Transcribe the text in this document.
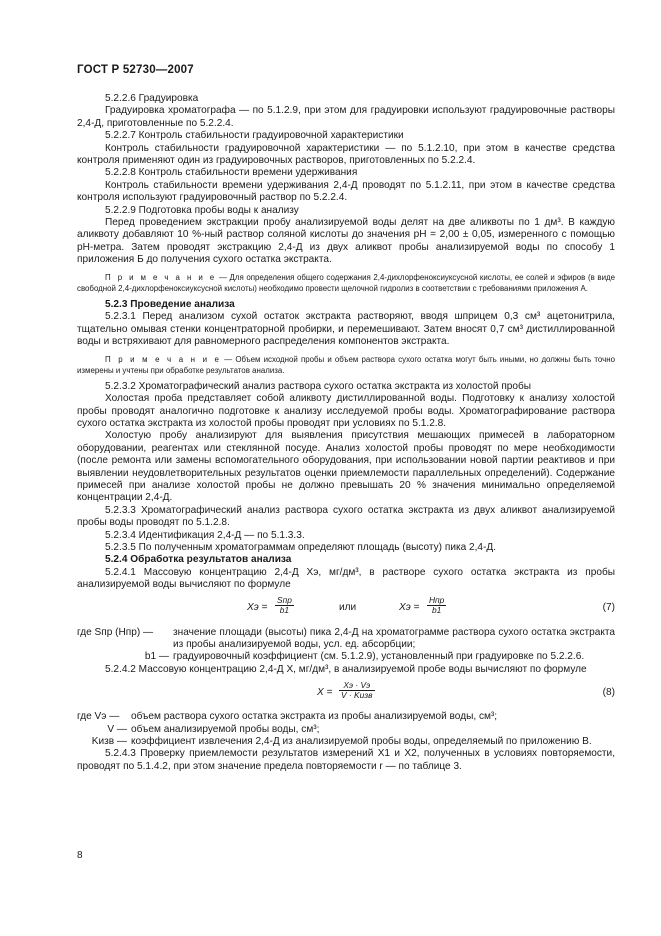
ГОСТ Р 52730—2007

5.2.2.6 Градуировка

Градуировка хроматографа — по 5.1.2.9, при этом для градуировки используют градуировочные растворы 2,4-Д, приготовленные по 5.2.2.4.

5.2.2.7 Контроль стабильности градуировочной характеристики

Контроль стабильности градуировочной характеристики — по 5.1.2.10, при этом в качестве средства контроля применяют один из градуировочных растворов, приготовленных по 5.2.2.4.

5.2.2.8 Контроль стабильности времени удерживания

Контроль стабильности времени удерживания 2,4-Д проводят по 5.1.2.11, при этом в качестве средства контроля используют градуировочный раствор по 5.2.2.4.

5.2.2.9 Подготовка пробы воды к анализу

Перед проведением экстракции пробу анализируемой воды делят на две аликвоты по 1 дм³. В каждую аликвоту добавляют 10 %-ный раствор соляной кислоты до значения рН = 2,00 ± 0,05, измеренного с помощью рН-метра. Затем проводят экстракцию 2,4-Д из двух аликвот пробы анализируемой воды по способу 1 приложения Б до получения сухого остатка экстракта.

П р и м е ч а н и е — Для определения общего содержания 2,4-дихлорфеноксиуксусной кислоты, ее солей и эфиров (в виде свободной 2,4-дихлорфеноксиуксусной кислоты) необходимо провести щелочной гидролиз в соответствии с требованиями приложения А.

5.2.3 Проведение анализа

5.2.3.1 Перед анализом сухой остаток экстракта растворяют, вводя шприцем 0,3 см³ ацетонитрила, тщательно омывая стенки концентраторной пробирки, и перемешивают. Затем вносят 0,7 см³ дистиллированной воды и встряхивают для равномерного распределения компонентов экстракта.

П р и м е ч а н и е — Объем исходной пробы и объем раствора сухого остатка могут быть иными, но должны быть точно измерены и учтены при обработке результатов анализа.

5.2.3.2 Хроматографический анализ раствора сухого остатка экстракта из холостой пробы

Холостая проба представляет собой аликвоту дистиллированной воды. Подготовку к анализу холостой пробы проводят аналогично подготовке к анализу исследуемой пробы воды. Хроматографирование раствора сухого остатка экстракта из холостой пробы проводят при условиях по 5.1.2.8.

Холостую пробу анализируют для выявления присутствия мешающих примесей в лабораторном оборудовании, реагентах или стеклянной посуде. Анализ холостой пробы проводят по мере необходимости (после ремонта или замены вспомогательного оборудования, при использовании новой партии реактивов и при выявлении неудовлетворительных результатов оценки приемлемости параллельных определений). Содержание примесей при анализе холостой пробы не должно превышать 20 % значения минимально определяемой концентрации 2,4-Д.

5.2.3.3 Хроматографический анализ раствора сухого остатка экстракта из двух аликвот анализируемой пробы воды проводят по 5.1.2.8.

5.2.3.4 Идентификация 2,4-Д — по 5.1.3.3.

5.2.3.5 По полученным хроматограммам определяют площадь (высоту) пика 2,4-Д.

5.2.4 Обработка результатов анализа

5.2.4.1 Массовую концентрацию 2,4-Д Xэ, мг/дм³, в растворе сухого остатка экстракта из пробы анализируемой воды вычисляют по формуле

Xэ =
Sпр
b1	или	Xэ =
Hпр
b1	(7)
где Sпр (Hпр) —	значение площади (высоты) пика 2,4-Д на хроматограмме раствора сухого остатка экстракта из пробы анализируемой воды, усл. ед. абсорбции;
b1 — градуировочный коэффициент (см. 5.1.2.9), установленный при градуировке по 5.2.2.6.

5.2.4.2 Массовую концентрацию 2,4-Д X, мг/дм³, в анализируемой пробе воды вычисляют по формуле

X =
Xэ · Vэ
V · Kизв	(8)
где Vэ —	объем раствора сухого остатка экстракта из пробы анализируемой воды, см³;
V — объем анализируемой пробы воды, см³;
Kизв — коэффициент извлечения 2,4-Д из анализируемой пробы воды, определяемый по приложению В.

5.2.4.3 Проверку приемлемости результатов измерений X1 и X2, полученных в условиях повторяемости, проводят по 5.1.4.2, при этом значение предела повторяемости r — по таблице 3.

8
